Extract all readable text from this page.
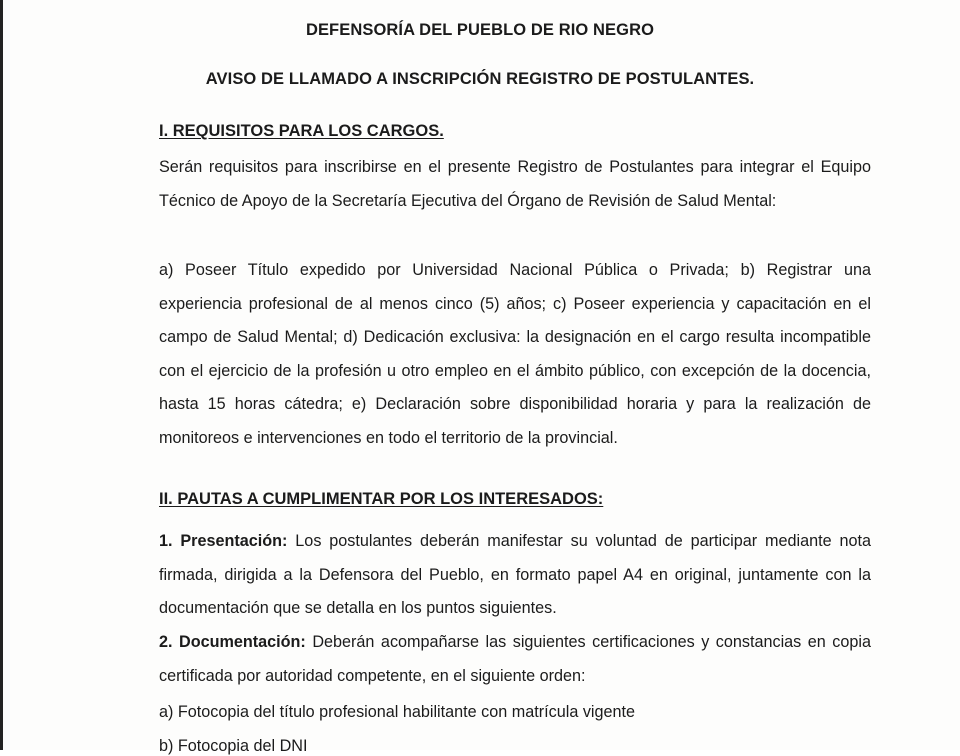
DEFENSORÍA DEL PUEBLO DE RIO NEGRO
AVISO DE LLAMADO A INSCRIPCIÓN REGISTRO DE POSTULANTES.
I. REQUISITOS PARA LOS CARGOS.
Serán requisitos para inscribirse en el presente Registro de Postulantes para integrar el Equipo Técnico de Apoyo de la Secretaría Ejecutiva del Órgano de Revisión de Salud Mental:
a) Poseer Título expedido por Universidad Nacional Pública o Privada; b) Registrar una experiencia profesional de al menos cinco (5) años; c) Poseer experiencia y capacitación en el campo de Salud Mental; d) Dedicación exclusiva: la designación en el cargo resulta incompatible con el ejercicio de la profesión u otro empleo en el ámbito público, con excepción de la docencia, hasta 15 horas cátedra; e) Declaración sobre disponibilidad horaria y para la realización de monitoreos e intervenciones en todo el territorio de la provincial.
II. PAUTAS A CUMPLIMENTAR POR LOS INTERESADOS:
1. Presentación: Los postulantes deberán manifestar su voluntad de participar mediante nota firmada, dirigida a la Defensora del Pueblo, en formato papel A4 en original, juntamente con la documentación que se detalla en los puntos siguientes.
2. Documentación: Deberán acompañarse las siguientes certificaciones y constancias en copia certificada por autoridad competente, en el siguiente orden:
a) Fotocopia del título profesional habilitante con matrícula vigente
b) Fotocopia del DNI
